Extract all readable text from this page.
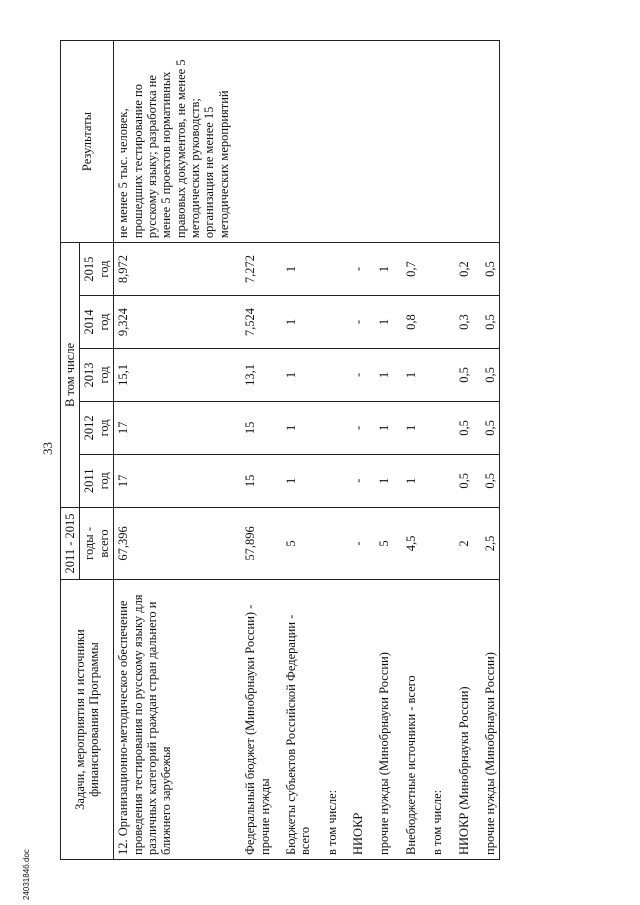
33
2403184б.doc
Задачи, мероприятия и источники финансирования Программы	2011 - 2015	В том числе					Результаты
	годы - всего	2011 год	2012 год	2013 год	2014 год	2015 год	

12. Организационно-методическое обеспечение проведения тестирования по русскому языку для различных категорий граждан стран дальнего и ближнего зарубежья	67,396	17	17	15,1	9,324	8,972	не менее 5 тыс. человек, прошедших тестирование по русскому языку; разработка не менее 5 проектов нормативных правовых документов, не менее 5 методических руководств; организация не менее 15 методических мероприятий
Федеральный бюджет (Минобрнауки России) - прочие нужды	57,896	15	15	13,1	7,524	7,272	
Бюджеты субъектов Российской Федерации - всего	5	1	1	1	1	1	
в том числе:							
НИОКР	-	-	-	-	-	-	
прочие нужды (Минобрнауки России)	5	1	1	1	1	1	
Внебюджетные источники - всего	4,5	1	1	1	0,8	0,7	
в том числе:							
НИОКР (Минобрнауки России)	2	0,5	0,5	0,5	0,3	0,2	
прочие нужды (Минобрнауки России)	2,5	0,5	0,5	0,5	0,5	0,5	
